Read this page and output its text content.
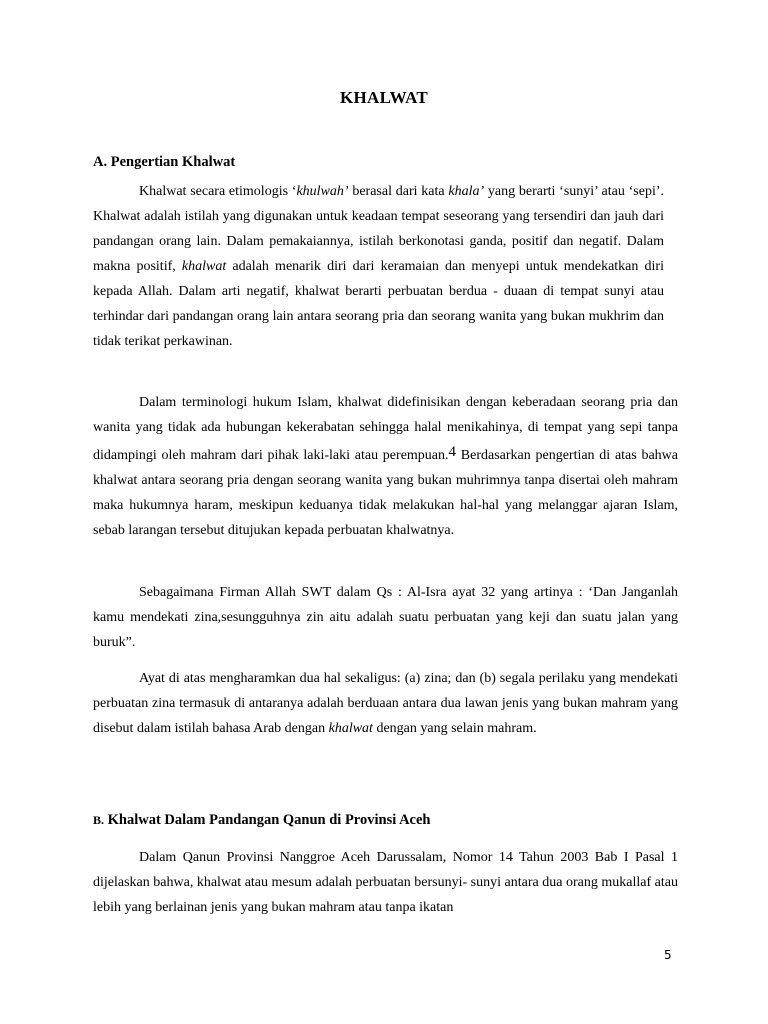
KHALWAT
A. Pengertian Khalwat

Khalwat secara etimologis ‘khulwah’ berasal dari kata khala’ yang berarti ‘sunyi’ atau ‘sepi’. Khalwat adalah istilah yang digunakan untuk keadaan tempat seseorang yang tersendiri dan jauh dari pandangan orang lain. Dalam pemakaiannya, istilah berkonotasi ganda, positif dan negatif. Dalam makna positif, khalwat adalah menarik diri dari keramaian dan menyepi untuk mendekatkan diri kepada Allah. Dalam arti negatif, khalwat berarti perbuatan berdua - duaan di tempat sunyi atau terhindar dari pandangan orang lain antara seorang pria dan seorang wanita yang bukan mukhrim dan tidak terikat perkawinan.

Dalam terminologi hukum Islam, khalwat didefinisikan dengan keberadaan seorang pria dan wanita yang tidak ada hubungan kekerabatan sehingga halal menikahinya, di tempat yang sepi tanpa didampingi oleh mahram dari pihak laki-laki atau perempuan.4 Berdasarkan pengertian di atas bahwa khalwat antara seorang pria dengan seorang wanita yang bukan muhrimnya tanpa disertai oleh mahram maka hukumnya haram, meskipun keduanya tidak melakukan hal-hal yang melanggar ajaran Islam, sebab larangan tersebut ditujukan kepada perbuatan khalwatnya.

Sebagaimana Firman Allah SWT dalam Qs : Al-Isra ayat 32 yang artinya : ‘Dan Janganlah kamu mendekati zina,sesungguhnya zin aitu adalah suatu perbuatan yang keji dan suatu jalan yang buruk”.

Ayat di atas mengharamkan dua hal sekaligus: (a) zina; dan (b) segala perilaku yang mendekati perbuatan zina termasuk di antaranya adalah berduaan antara dua lawan jenis yang bukan mahram yang disebut dalam istilah bahasa Arab dengan khalwat dengan yang selain mahram.

B. Khalwat Dalam Pandangan Qanun di Provinsi Aceh

Dalam Qanun Provinsi Nanggroe Aceh Darussalam, Nomor 14 Tahun 2003 Bab I Pasal 1 dijelaskan bahwa, khalwat atau mesum adalah perbuatan bersunyi- sunyi antara dua orang mukallaf atau lebih yang berlainan jenis yang bukan mahram atau tanpa ikatan

5
